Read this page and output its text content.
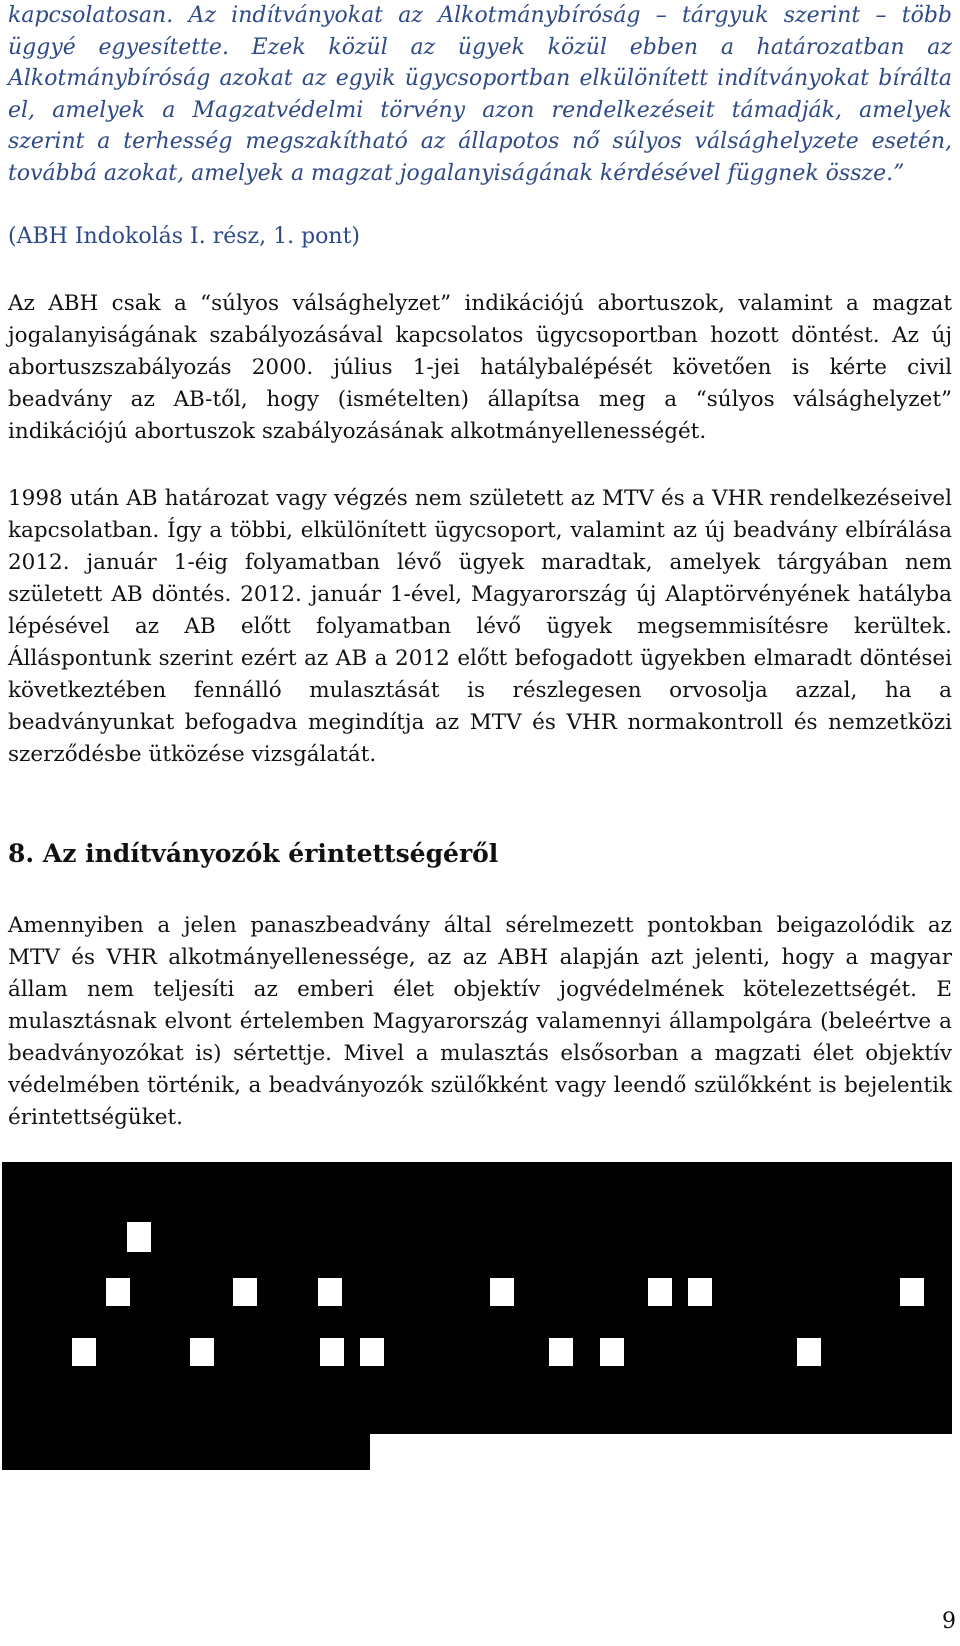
kapcsolatosan. Az indítványokat az Alkotmánybíróság – tárgyuk szerint – több üggyé egyesítette. Ezek közül az ügyek közül ebben a határozatban az Alkotmánybíróság azokat az egyik ügycsoportban elkülönített indítványokat bírálta el, amelyek a Magzatvédelmi törvény azon rendelkezéseit támadják, amelyek szerint a terhesség megszakítható az állapotos nő súlyos válsághelyzete esetén, továbbá azokat, amelyek a magzat jogalanyiságának kérdésével függnek össze.”
(ABH Indokolás I. rész, 1. pont)
Az ABH csak a “súlyos válsághelyzet” indikációjú abortuszok, valamint a magzat jogalanyiságának szabályozásával kapcsolatos ügycsoportban hozott döntést. Az új abortuszszabályozás 2000. július 1-jei hatálybalépését követően is kérte civil beadvány az AB-től, hogy (ismételten) állapítsa meg a “súlyos válsághelyzet” indikációjú abortuszok szabályozásának alkotmányellenességét.
1998 után AB határozat vagy végzés nem született az MTV és a VHR rendelkezéseivel kapcsolatban. Így a többi, elkülönített ügycsoport, valamint az új beadvány elbírálása 2012. január 1-éig folyamatban lévő ügyek maradtak, amelyek tárgyában nem született AB döntés. 2012. január 1-ével, Magyarország új Alaptörvényének hatályba lépésével az AB előtt folyamatban lévő ügyek megsemmisítésre kerültek. Álláspontunk szerint ezért az AB a 2012 előtt befogadott ügyekben elmaradt döntései következtében fennálló mulasztását is részlegesen orvosolja azzal, ha a beadványunkat befogadva megindítja az MTV és VHR normakontroll és nemzetközi szerződésbe ütközése vizsgálatát.
8. Az indítványozók érintettségéről
Amennyiben a jelen panaszbeadvány által sérelmezett pontokban beigazolódik az MTV és VHR alkotmányellenessége, az az ABH alapján azt jelenti, hogy a magyar állam nem teljesíti az emberi élet objektív jogvédelmének kötelezettségét. E mulasztásnak elvont értelemben Magyarország valamennyi állampolgára (beleértve a beadványozókat is) sértettje. Mivel a mulasztás elsősorban a magzati élet objektív védelmében történik, a beadványozók szülőkként vagy leendő szülőkként is bejelentik érintettségüket.
9
